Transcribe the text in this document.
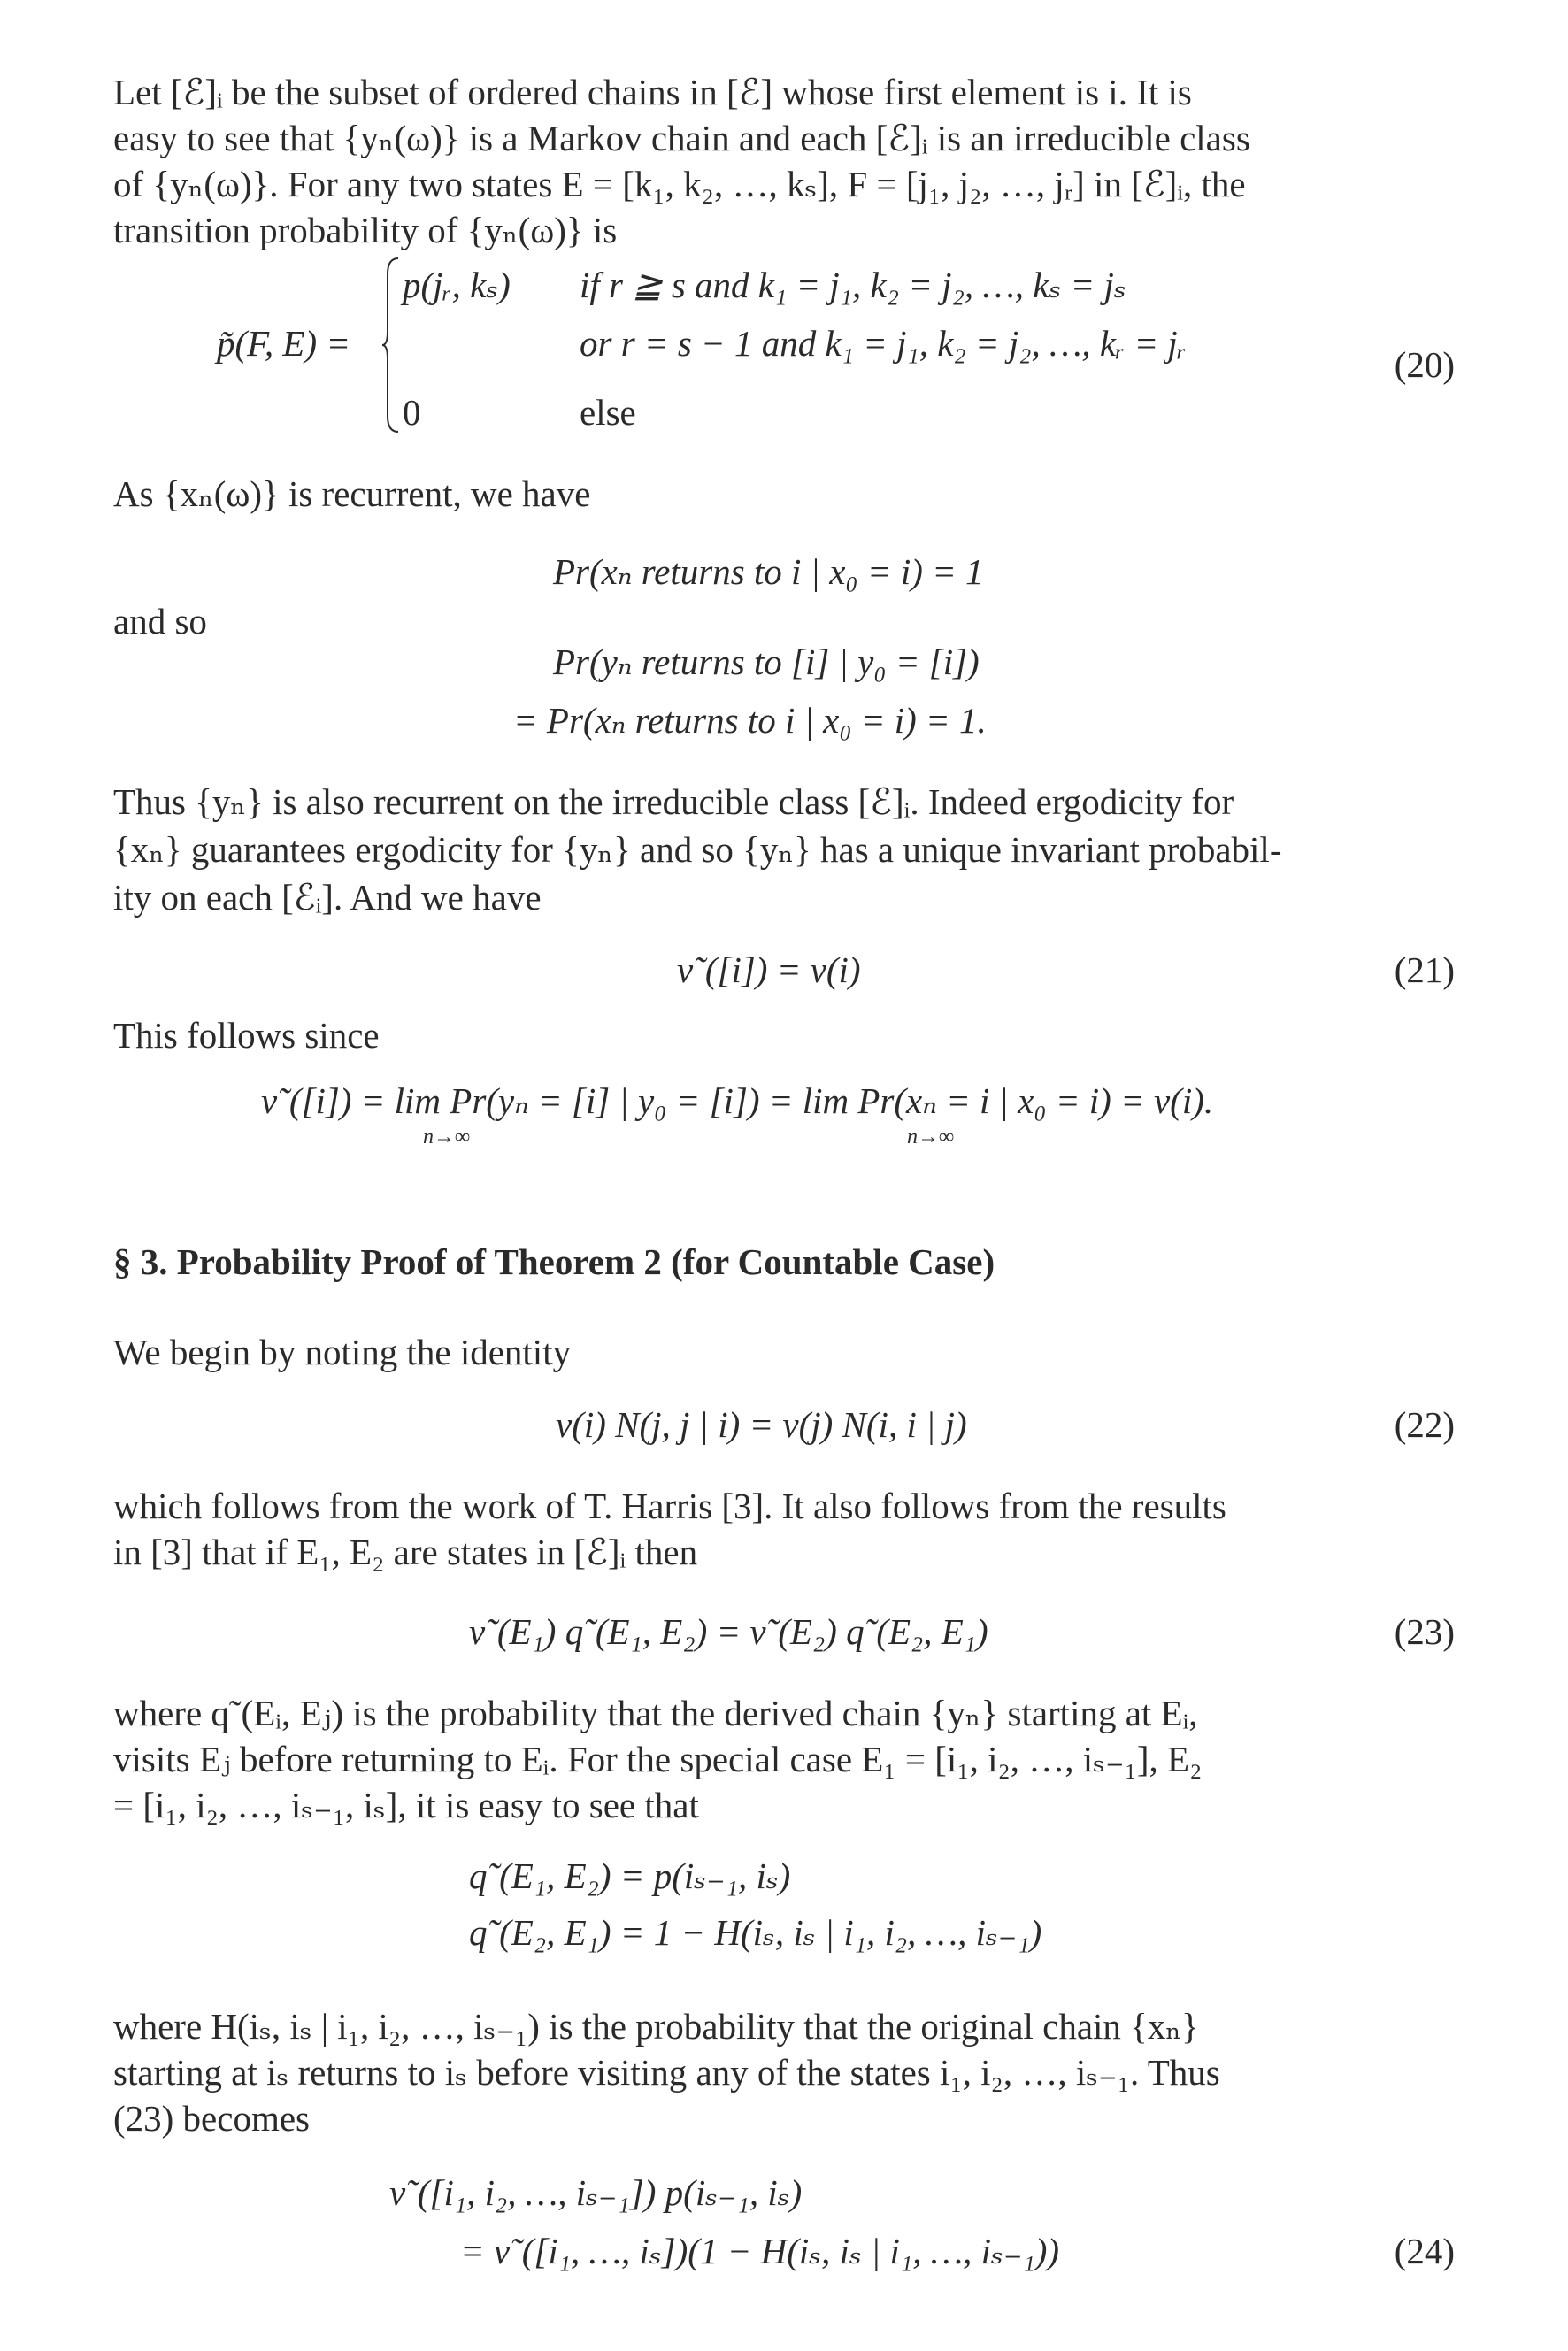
Let [ℰ]ᵢ be the subset of ordered chains in [ℰ] whose first element is i. It is
easy to see that {yₙ(ω)} is a Markov chain and each [ℰ]ᵢ is an irreducible class
of {yₙ(ω)}. For any two states E = [k₁, k₂, …, kₛ], F = [j₁, j₂, …, jᵣ] in [ℰ]ᵢ, the
transition probability of {yₙ(ω)} is
p̃(F, E) =
p(jᵣ, kₛ) if r ≧ s and k₁ = j₁, k₂ = j₂, …, kₛ = jₛ
or r = s − 1 and k₁ = j₁, k₂ = j₂, …, kᵣ = jᵣ
0	else
(20)
As {xₙ(ω)} is recurrent, we have
Pr(xₙ returns to i | x₀ = i) = 1
and so
Pr(yₙ returns to [i] | y₀ = [i])
= Pr(xₙ returns to i | x₀ = i) = 1.
Thus {yₙ} is also recurrent on the irreducible class [ℰ]ᵢ. Indeed ergodicity for
{xₙ} guarantees ergodicity for {yₙ} and so {yₙ} has a unique invariant probabil-
ity on each [ℰᵢ]. And we have
v˜([i]) = v(i)	(21)
This follows since
v˜([i]) = lim Pr(yₙ = [i] | y₀ = [i]) = lim Pr(xₙ = i | x₀ = i) = v(i).
n→∞	n→∞
§ 3. Probability Proof of Theorem 2 (for Countable Case)
We begin by noting the identity
v(i) N(j, j | i) = v(j) N(i, i | j)	(22)
which follows from the work of T. Harris [3]. It also follows from the results
in [3] that if E₁, E₂ are states in [ℰ]ᵢ then
v˜(E₁) q˜(E₁, E₂) = v˜(E₂) q˜(E₂, E₁)	(23)
where q˜(Eᵢ, Eⱼ) is the probability that the derived chain {yₙ} starting at Eᵢ,
visits Eⱼ before returning to Eᵢ. For the special case E₁ = [i₁, i₂, …, iₛ₋₁], E₂
= [i₁, i₂, …, iₛ₋₁, iₛ], it is easy to see that
q˜(E₁, E₂) = p(iₛ₋₁, iₛ)
q˜(E₂, E₁) = 1 − H(iₛ, iₛ | i₁, i₂, …, iₛ₋₁)
where H(iₛ, iₛ | i₁, i₂, …, iₛ₋₁) is the probability that the original chain {xₙ}
starting at iₛ returns to iₛ before visiting any of the states i₁, i₂, …, iₛ₋₁. Thus
(23) becomes
v˜([i₁, i₂, …, iₛ₋₁]) p(iₛ₋₁, iₛ)
= v˜([i₁, …, iₛ])(1 − H(iₛ, iₛ | i₁, …, iₛ₋₁))	(24)
